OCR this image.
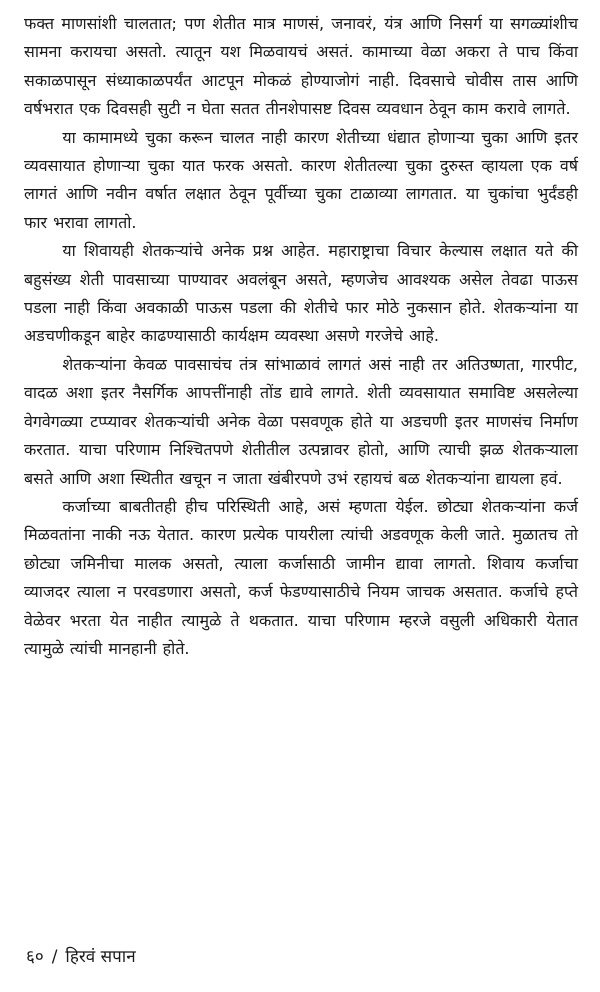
फक्त माणसांशी चालतात; पण शेतीत मात्र माणसं, जनावरं, यंत्र आणि निसर्ग या सगळ्यांशीच सामना करायचा असतो. त्यातून यश मिळवायचं असतं. कामाच्या वेळा अकरा ते पाच किंवा सकाळपासून संध्याकाळपर्यंत आटपून मोकळं होण्याजोगं नाही. दिवसाचे चोवीस तास आणि वर्षभरात एक दिवसही सुटी न घेता सतत तीनशेपासष्ट दिवस व्यवधान ठेवून काम करावे लागते.

या कामामध्ये चुका करून चालत नाही कारण शेतीच्या धंद्यात होणाऱ्या चुका आणि इतर व्यवसायात होणाऱ्या चुका यात फरक असतो. कारण शेतीतल्या चुका दुरुस्त व्हायला एक वर्ष लागतं आणि नवीन वर्षात लक्षात ठेवून पूर्वीच्या चुका टाळाव्या लागतात. या चुकांचा भुर्दंडही फार भरावा लागतो.

या शिवायही शेतकऱ्यांचे अनेक प्रश्न आहेत. महाराष्ट्राचा विचार केल्यास लक्षात यते की बहुसंख्य शेती पावसाच्या पाण्यावर अवलंबून असते, म्हणजेच आवश्यक असेल तेवढा पाऊस पडला नाही किंवा अवकाळी पाऊस पडला की शेतीचे फार मोठे नुकसान होते. शेतकऱ्यांना या अडचणीकडून बाहेर काढण्यासाठी कार्यक्षम व्यवस्था असणे गरजेचे आहे.

शेतकऱ्यांना केवळ पावसाचंच तंत्र सांभाळावं लागतं असं नाही तर अतिउष्णता, गारपीट, वादळ अशा इतर नैसर्गिक आपत्तींनाही तोंड द्यावे लागते. शेती व्यवसायात समाविष्ट असलेल्या वेगवेगळ्या टप्प्यावर शेतकऱ्यांची अनेक वेळा पसवणूक होते या अडचणी इतर माणसंच निर्माण करतात. याचा परिणाम निश्चितपणे शेतीतील उत्पन्नावर होतो, आणि त्याची झळ शेतकऱ्याला बसते आणि अशा स्थितीत खचून न जाता खंबीरपणे उभं रहायचं बळ शेतकऱ्यांना द्यायला हवं.

कर्जाच्या बाबतीतही हीच परिस्थिती आहे, असं म्हणता येईल. छोट्या शेतकऱ्यांना कर्ज मिळवतांना नाकी नऊ येतात. कारण प्रत्येक पायरीला त्यांची अडवणूक केली जाते. मुळातच तो छोट्या जमिनीचा मालक असतो, त्याला कर्जासाठी जामीन द्यावा लागतो. शिवाय कर्जाचा व्याजदर त्याला न परवडणारा असतो, कर्ज फेडण्यासाठीचे नियम जाचक असतात. कर्जाचे हप्ते वेळेवर भरता येत नाहीत त्यामुळे ते थकतात. याचा परिणाम म्हरजे वसुली अधिकारी येतात त्यामुळे त्यांची मानहानी होते.

६० / हिरवं सपान
